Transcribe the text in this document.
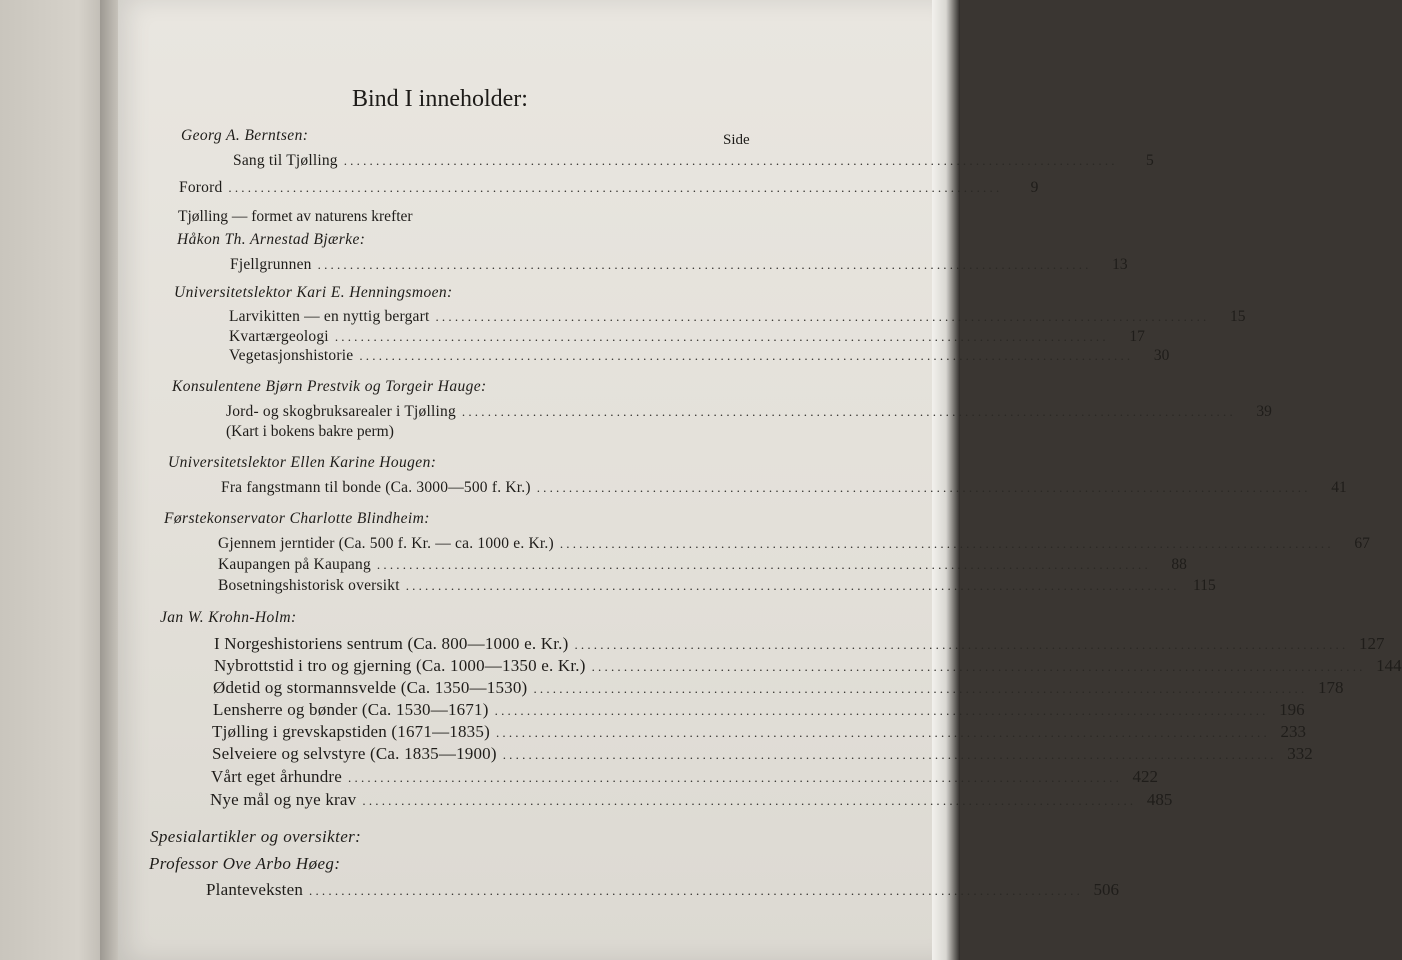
Bind I inneholder:
Side
Georg A. Berntsen:
Sang til Tjølling ........................................................................................................................	5
Forord ........................................................................................................................	9
Tjølling — formet av naturens krefter
Håkon Th. Arnestad Bjærke:
Fjellgrunnen ........................................................................................................................	13
Universitetslektor Kari E. Henningsmoen:
Larvikitten — en nyttig bergart ........................................................................................................................	15
Kvartærgeologi ........................................................................................................................	17
Vegetasjonshistorie ........................................................................................................................	30
Konsulentene Bjørn Prestvik og Torgeir Hauge:
Jord- og skogbruksarealer i Tjølling ........................................................................................................................	39
(Kart i bokens bakre perm)
Universitetslektor Ellen Karine Hougen:
Fra fangstmann til bonde (Ca. 3000—500 f. Kr.) ........................................................................................................................	41
Førstekonservator Charlotte Blindheim:
Gjennem jerntider (Ca. 500 f. Kr. — ca. 1000 e. Kr.) ........................................................................................................................	67
Kaupangen på Kaupang ........................................................................................................................	88
Bosetningshistorisk oversikt ........................................................................................................................ 115
Jan W. Krohn-Holm:
I Norgeshistoriens sentrum (Ca. 800—1000 e. Kr.) ........................................................................................................................ 127
Nybrottstid i tro og gjerning (Ca. 1000—1350 e. Kr.) ........................................................................................................................ 144
Ødetid og stormannsvelde (Ca. 1350—1530) ........................................................................................................................ 178
Lensherre og bønder (Ca. 1530—1671) ........................................................................................................................ 196
Tjølling i grevskapstiden (1671—1835) ........................................................................................................................ 233
Selveiere og selvstyre (Ca. 1835—1900) ........................................................................................................................ 332
Vårt eget århundre ........................................................................................................................ 422
Nye mål og nye krav ........................................................................................................................ 485
Spesialartikler og oversikter:
Professor Ove Arbo Høeg:
Planteveksten ........................................................................................................................ 506
